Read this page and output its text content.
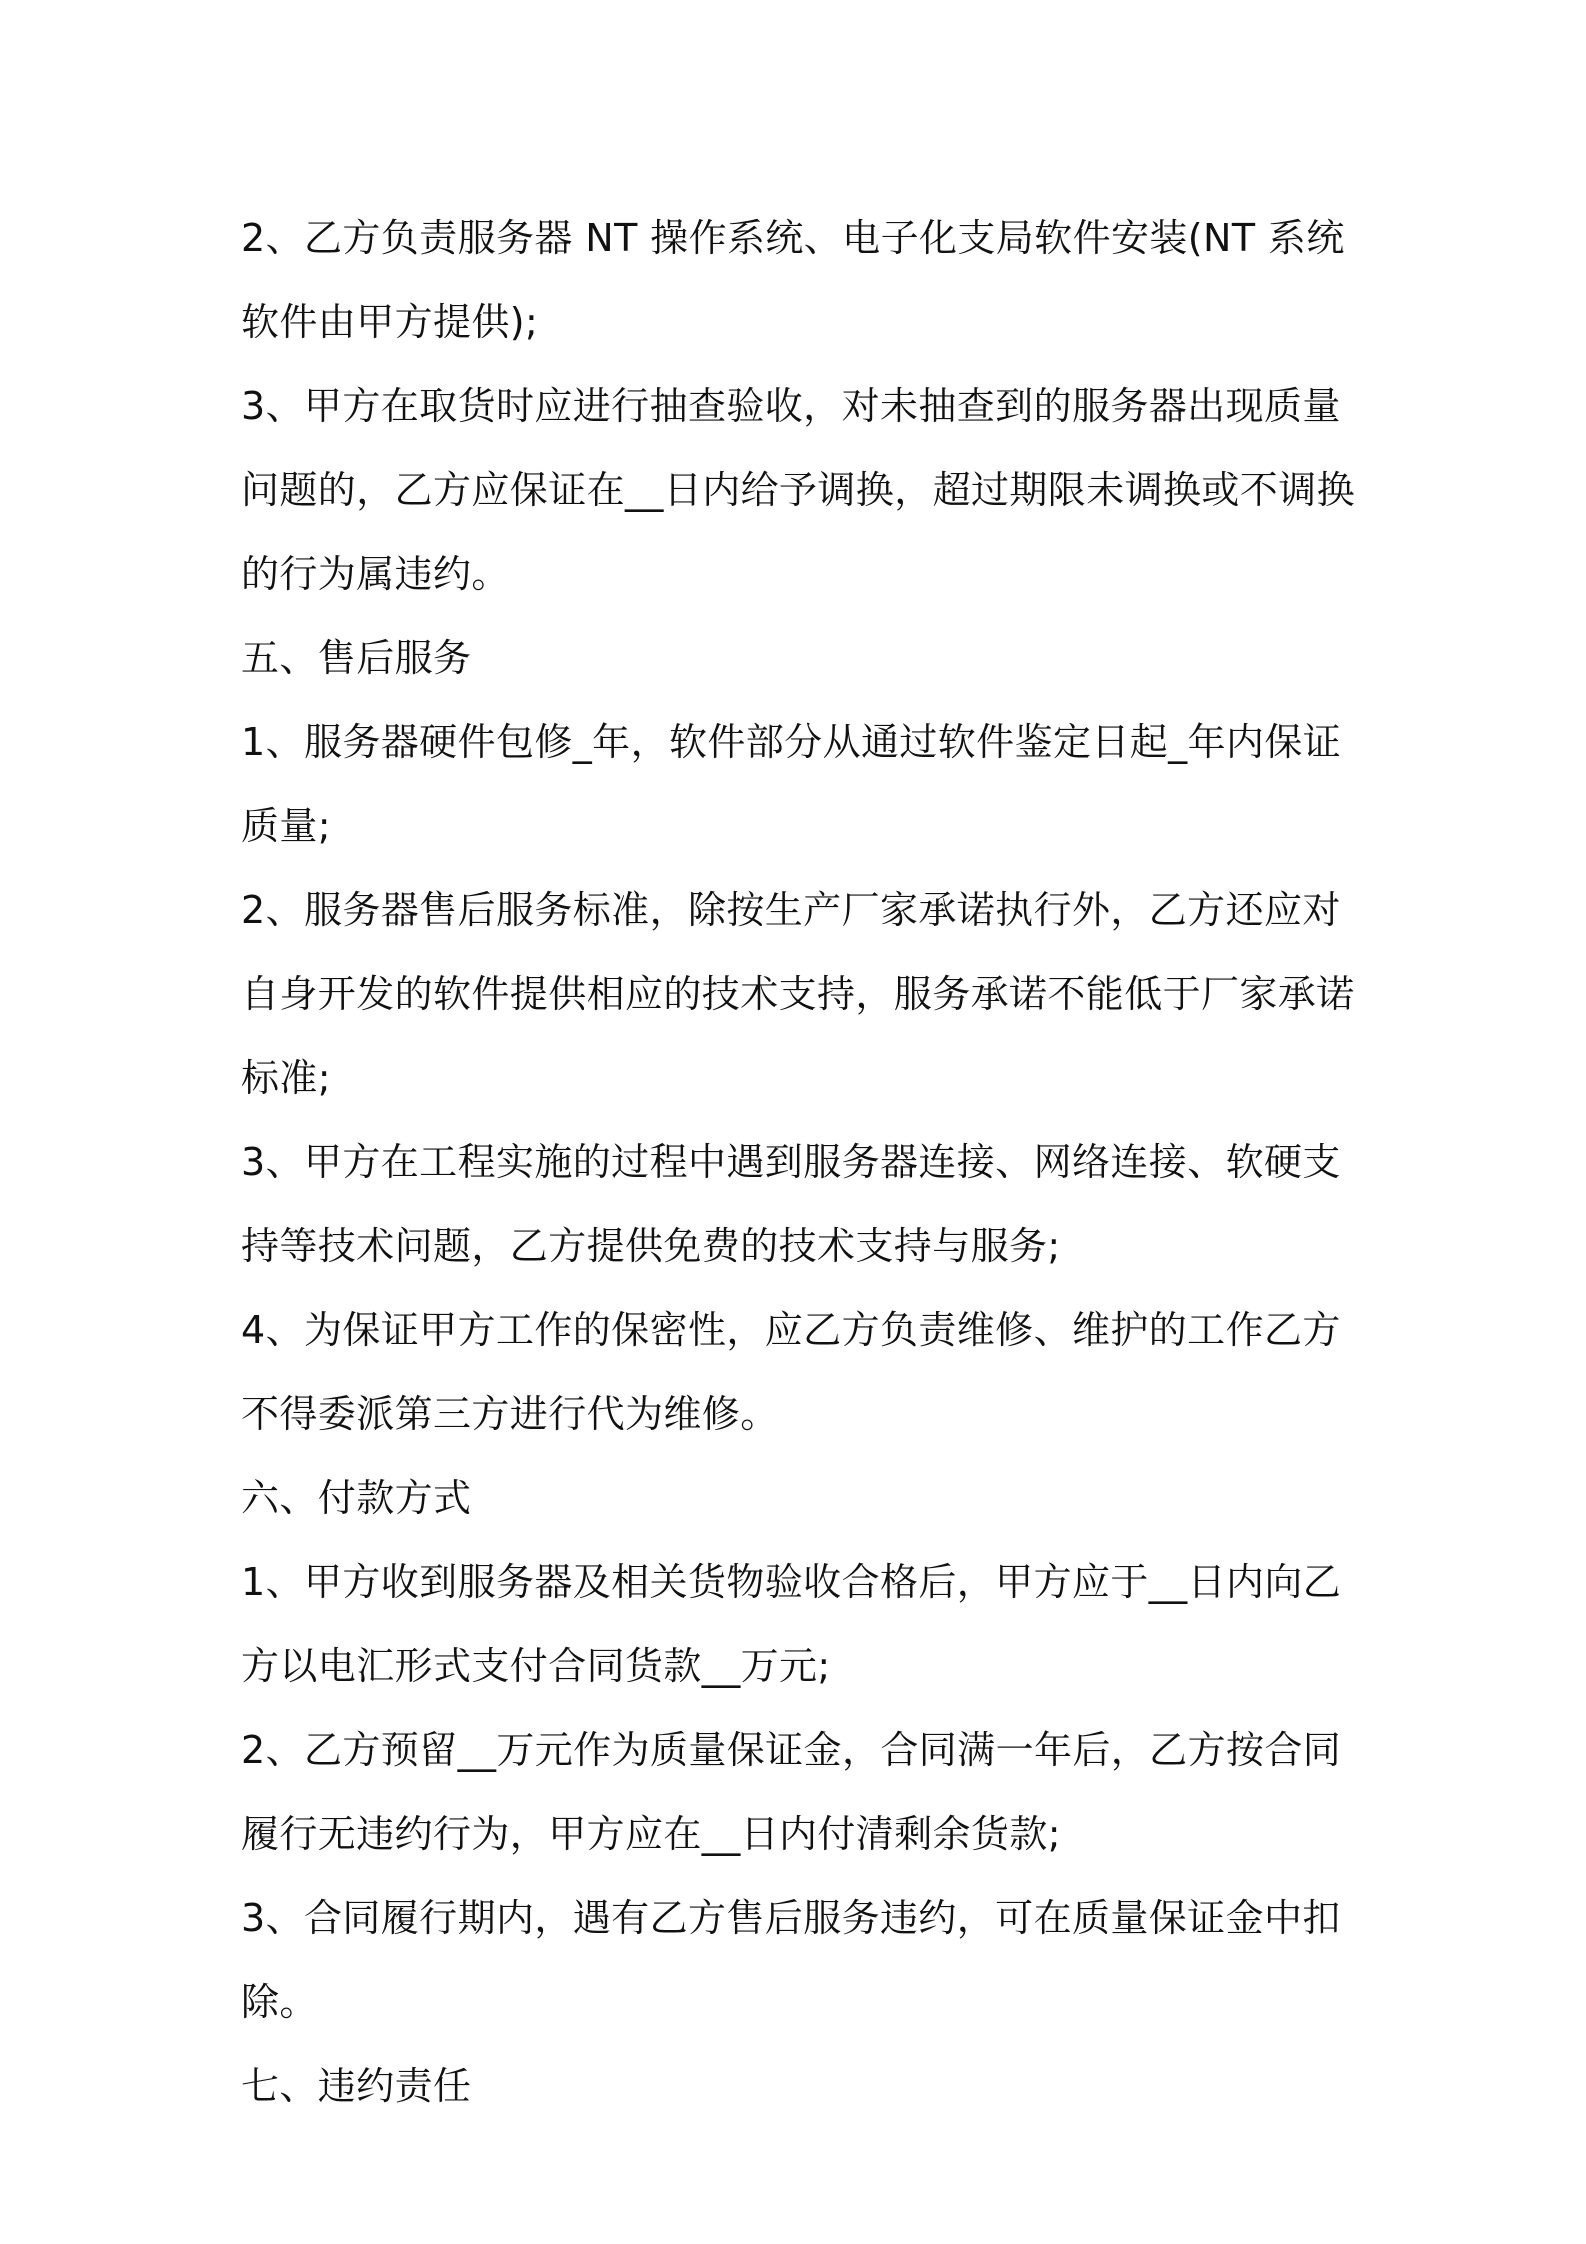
2、乙方负责服务器 NT 操作系统、电子化支局软件安装(NT 系统软件由甲方提供);

3、甲方在取货时应进行抽查验收，对未抽查到的服务器出现质量问题的，乙方应保证在__日内给予调换，超过期限未调换或不调换的行为属违约。

五、售后服务

1、服务器硬件包修_年，软件部分从通过软件鉴定日起_年内保证质量;

2、服务器售后服务标准，除按生产厂家承诺执行外，乙方还应对自身开发的软件提供相应的技术支持，服务承诺不能低于厂家承诺标准;

3、甲方在工程实施的过程中遇到服务器连接、网络连接、软硬支持等技术问题，乙方提供免费的技术支持与服务;

4、为保证甲方工作的保密性，应乙方负责维修、维护的工作乙方不得委派第三方进行代为维修。

六、付款方式

1、甲方收到服务器及相关货物验收合格后，甲方应于__日内向乙方以电汇形式支付合同货款__万元;

2、乙方预留__万元作为质量保证金，合同满一年后，乙方按合同履行无违约行为，甲方应在__日内付清剩余货款;

3、合同履行期内，遇有乙方售后服务违约，可在质量保证金中扣除。

七、违约责任
